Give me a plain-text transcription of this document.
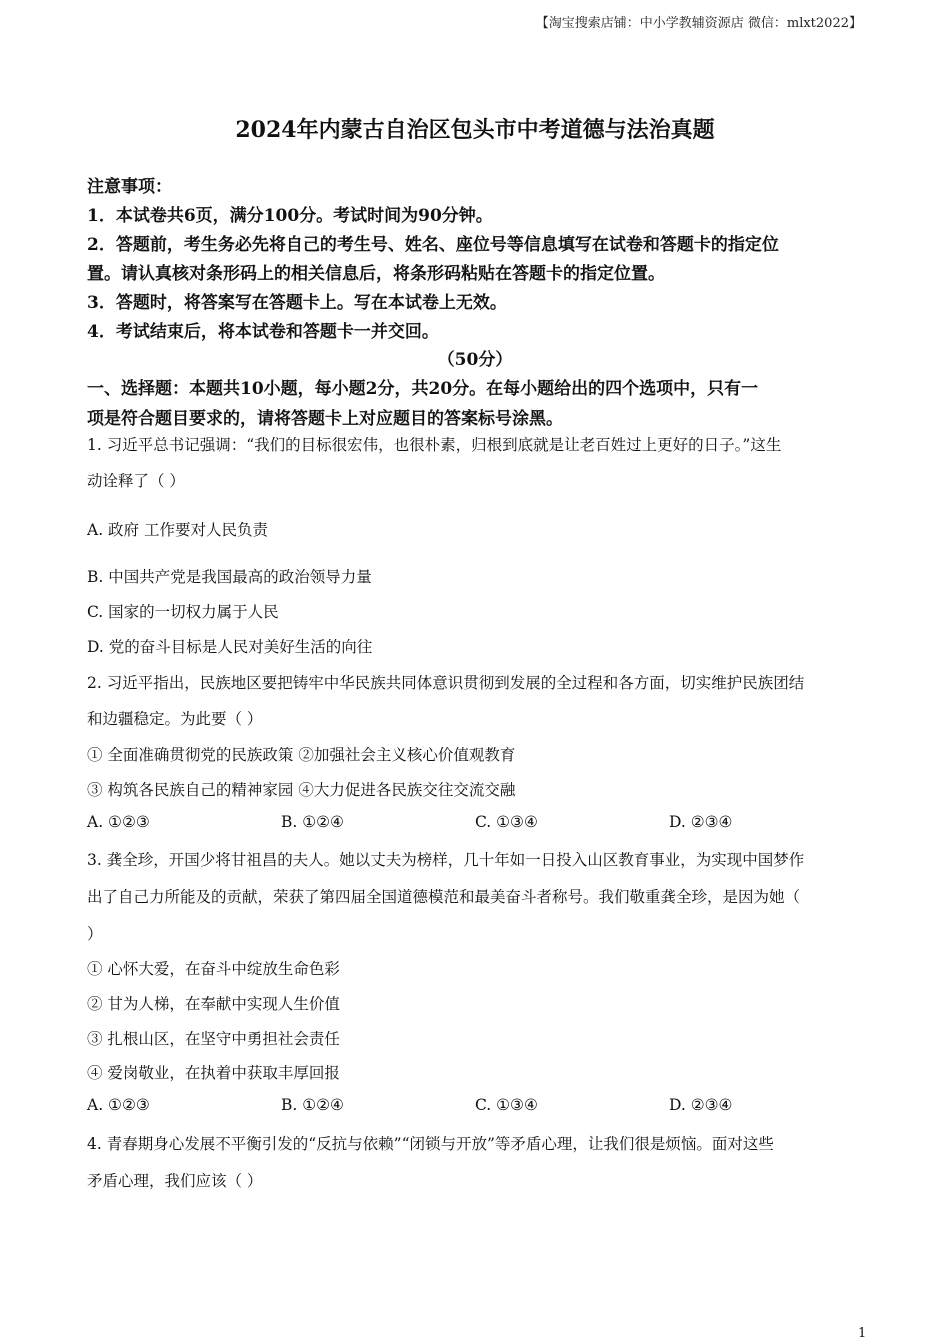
【淘宝搜索店铺：中小学教辅资源店 微信：mlxt2022】
2024年内蒙古自治区包头市中考道德与法治真题
注意事项：
1．本试卷共6页，满分100分。考试时间为90分钟。
2．答题前，考生务必先将自己的考生号、姓名、座位号等信息填写在试卷和答题卡的指定位
置。请认真核对条形码上的相关信息后，将条形码粘贴在答题卡的指定位置。
3．答题时，将答案写在答题卡上。写在本试卷上无效。
4．考试结束后，将本试卷和答题卡一并交回。
（50分）
一、选择题：本题共10小题，每小题2分，共20分。在每小题给出的四个选项中，只有一
项是符合题目要求的，请将答题卡上对应题目的答案标号涂黑。
1. 习近平总书记强调：“我们的目标很宏伟，也很朴素，归根到底就是让老百姓过上更好的日子。”这生
动诠释了（ ）
A. 政府 工作要对人民负责
B. 中国共产党是我国最高的政治领导力量
C. 国家的一切权力属于人民
D. 党的奋斗目标是人民对美好生活的向往
2. 习近平指出，民族地区要把铸牢中华民族共同体意识贯彻到发展的全过程和各方面，切实维护民族团结
和边疆稳定。为此要（ ）
① 全面准确贯彻党的民族政策 ②加强社会主义核心价值观教育
③ 构筑各民族自己的精神家园 ④大力促进各民族交往交流交融
A. ①②③	B. ①②④	C. ①③④	D. ②③④
3. 龚全珍，开国少将甘祖昌的夫人。她以丈夫为榜样，几十年如一日投入山区教育事业，为实现中国梦作
出了自己力所能及的贡献，荣获了第四届全国道德模范和最美奋斗者称号。我们敬重龚全珍，是因为她（
）
① 心怀大爱，在奋斗中绽放生命色彩
② 甘为人梯，在奉献中实现人生价值
③ 扎根山区，在坚守中勇担社会责任
④ 爱岗敬业，在执着中获取丰厚回报
A. ①②③	B. ①②④	C. ①③④	D. ②③④
4. 青春期身心发展不平衡引发的“反抗与依赖”“闭锁与开放”等矛盾心理，让我们很是烦恼。面对这些
矛盾心理，我们应该（ ）
1
